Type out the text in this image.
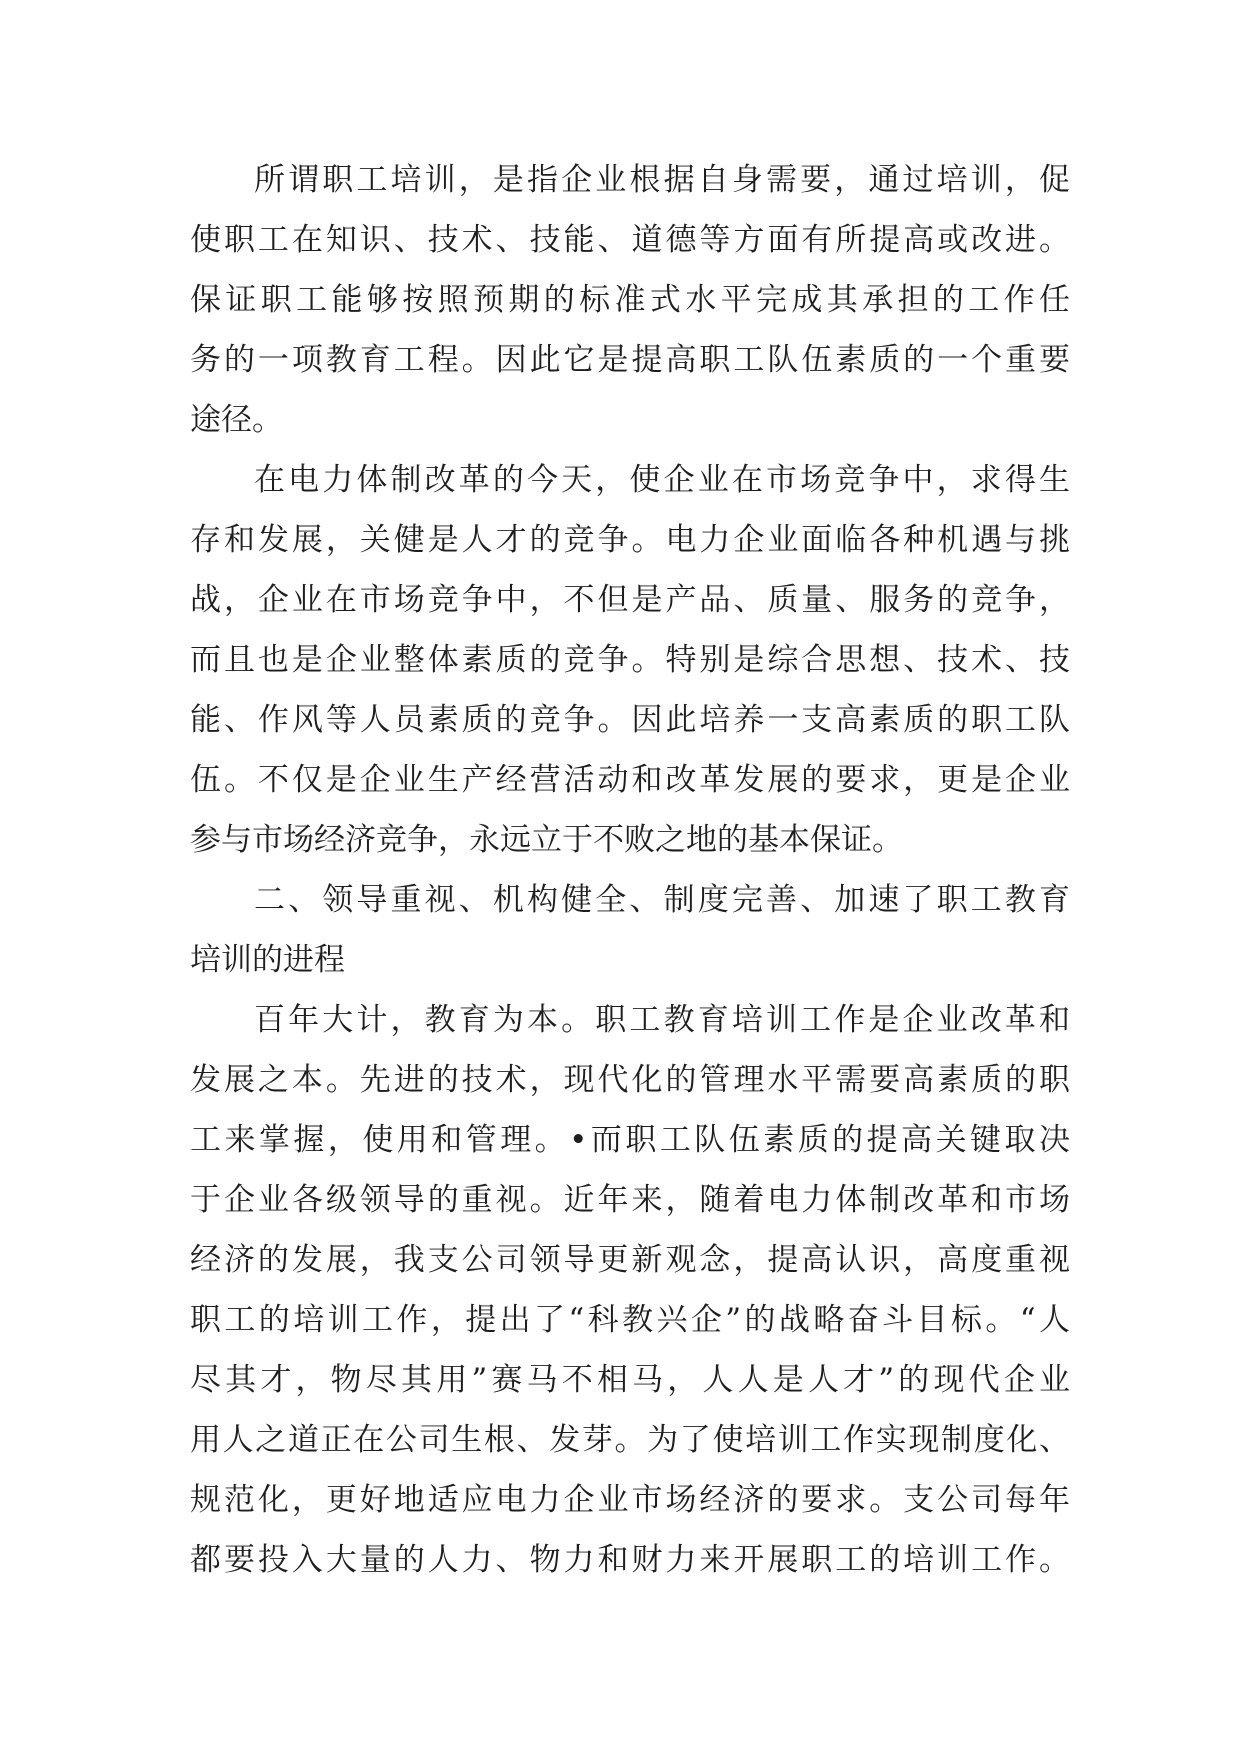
所谓职工培训，是指企业根据自身需要，通过培训，促
使职工在知识、技术、技能、道德等方面有所提高或改进。
保证职工能够按照预期的标准式水平完成其承担的工作任
务的一项教育工程。因此它是提高职工队伍素质的一个重要
途径。
在电力体制改革的今天，使企业在市场竞争中，求得生
存和发展，关健是人才的竞争。电力企业面临各种机遇与挑
战，企业在市场竞争中，不但是产品、质量、服务的竞争，
而且也是企业整体素质的竞争。特别是综合思想、技术、技
能、作风等人员素质的竞争。因此培养一支高素质的职工队
伍。不仅是企业生产经营活动和改革发展的要求，更是企业
参与市场经济竞争，永远立于不败之地的基本保证。
二、领导重视、机构健全、制度完善、加速了职工教育
培训的进程
百年大计，教育为本。职工教育培训工作是企业改革和
发展之本。先进的技术，现代化的管理水平需要高素质的职
工来掌握，使用和管理。•而职工队伍素质的提高关键取决
于企业各级领导的重视。近年来，随着电力体制改革和市场
经济的发展，我支公司领导更新观念，提高认识，高度重视
职工的培训工作，提出了“科教兴企”的战略奋斗目标。“人
尽其才，物尽其用”赛马不相马，人人是人才”的现代企业
用人之道正在公司生根、发芽。为了使培训工作实现制度化、
规范化，更好地适应电力企业市场经济的要求。支公司每年
都要投入大量的人力、物力和财力来开展职工的培训工作。
